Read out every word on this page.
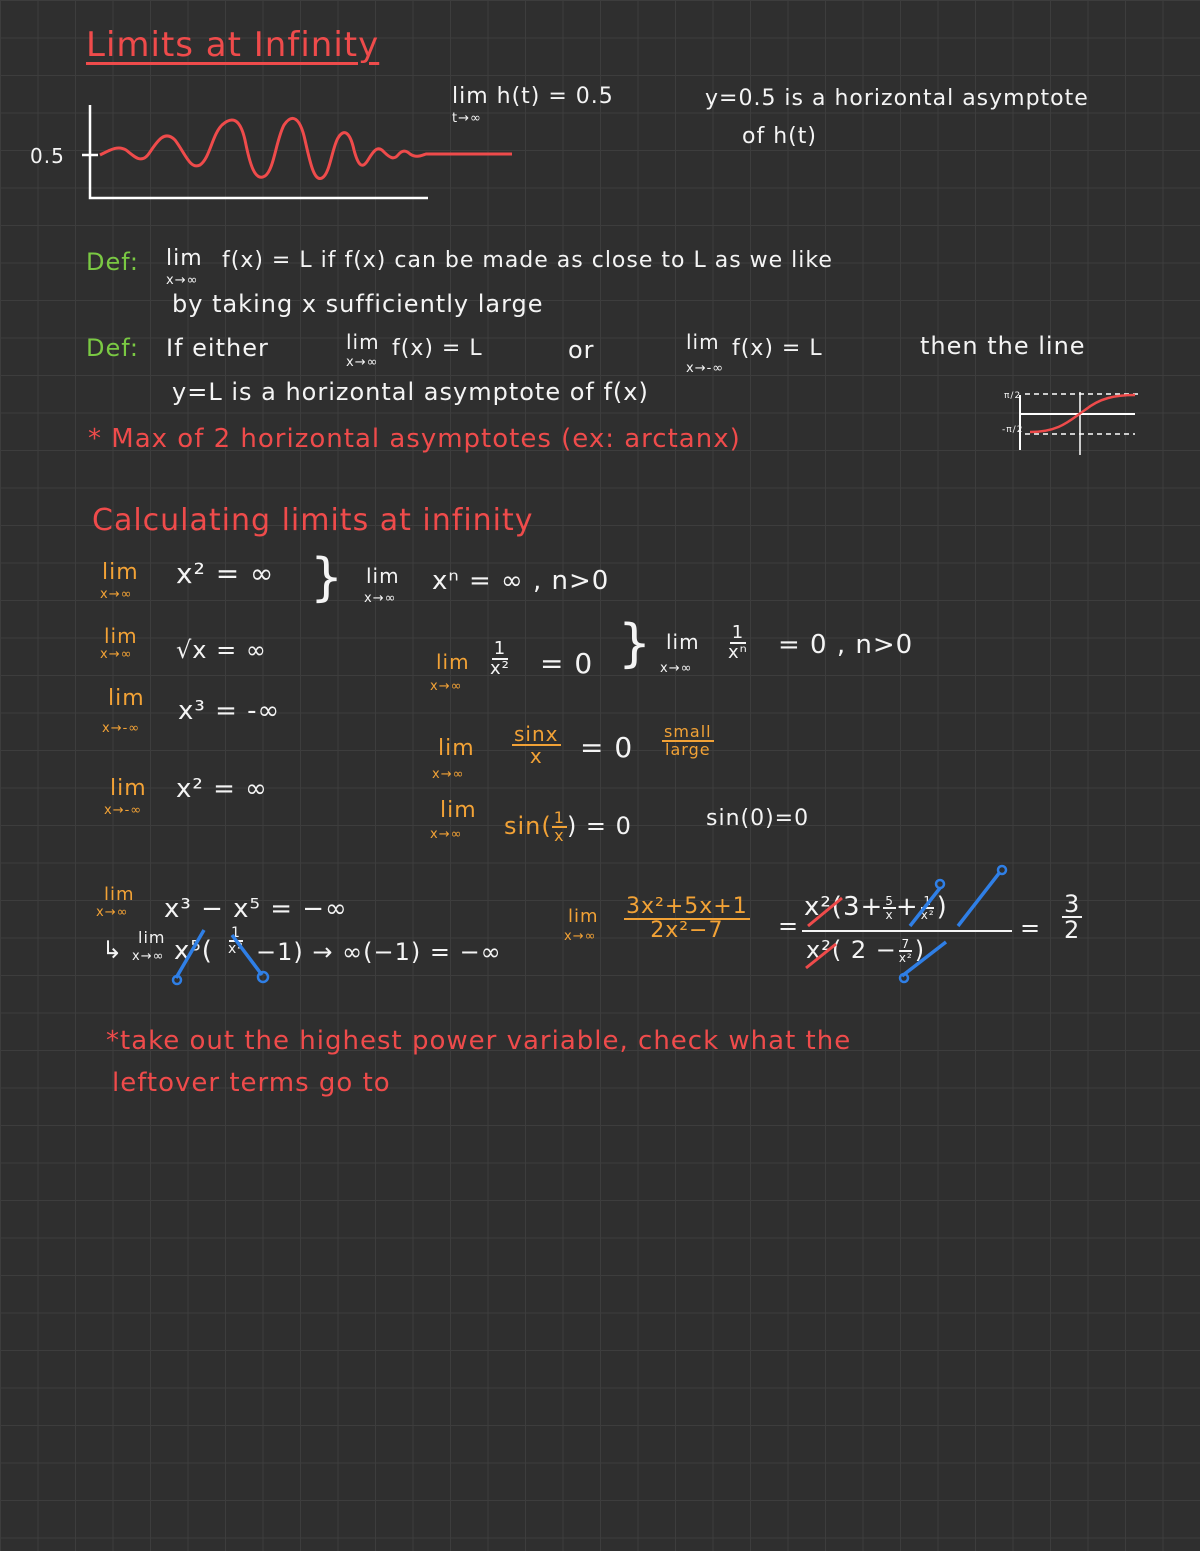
Limits at Infinity
0.5
lim h(t) = 0.5
t→∞
y=0.5 is a horizontal asymptote
of h(t)
Def: lim
x→∞
f(x) = L if f(x) can be made as close to L as we like
by taking x sufficiently large
Def: If either	lim
x→∞
f(x) = L	or	lim
x→-∞
f(x) = L	then the line
y=L is a horizontal asymptote of f(x)	π/2
-π/2
* Max of 2 horizontal asymptotes (ex: arctanx)
Calculating limits at infinity
lim
x→∞
x² = ∞ } lim
x→∞
xⁿ = ∞ , n>0
lim
x→∞ √x = ∞
lim
x→-∞
x³ = -∞
lim
x→-∞
x² = ∞
lim
x→∞
$\frac{1}{\text{x²}} = 0$ } lim
x→∞
$\frac{1}{\text{xⁿ}} = 0$ , n>0
lim
x→∞
$\frac{\sin x}{x} = 0 \frac{\text{small}}{\text{large}}$
lim
x→∞ $\sin( \frac{1}{x}$ ) = 0	sin(0)=0
lim
x→∞ x³ − x⁵ = −∞
↳ lim
x→∞ $x^5( \frac{1}{\text{x²}} -1) \to \infty(-1)$ = −∞
lim
$x\to\infty \frac{\text{3x²+5x+1}}{\text{2x²−7}}$ =
$x^2(3+ \frac{5}{x} + \frac{1}{\text{x²}}$ )
x²( $2 - \frac{7}{\text{x²}}$ )
= $\frac{3}{2}$
*take out the highest power variable, check what the
leftover terms go to
